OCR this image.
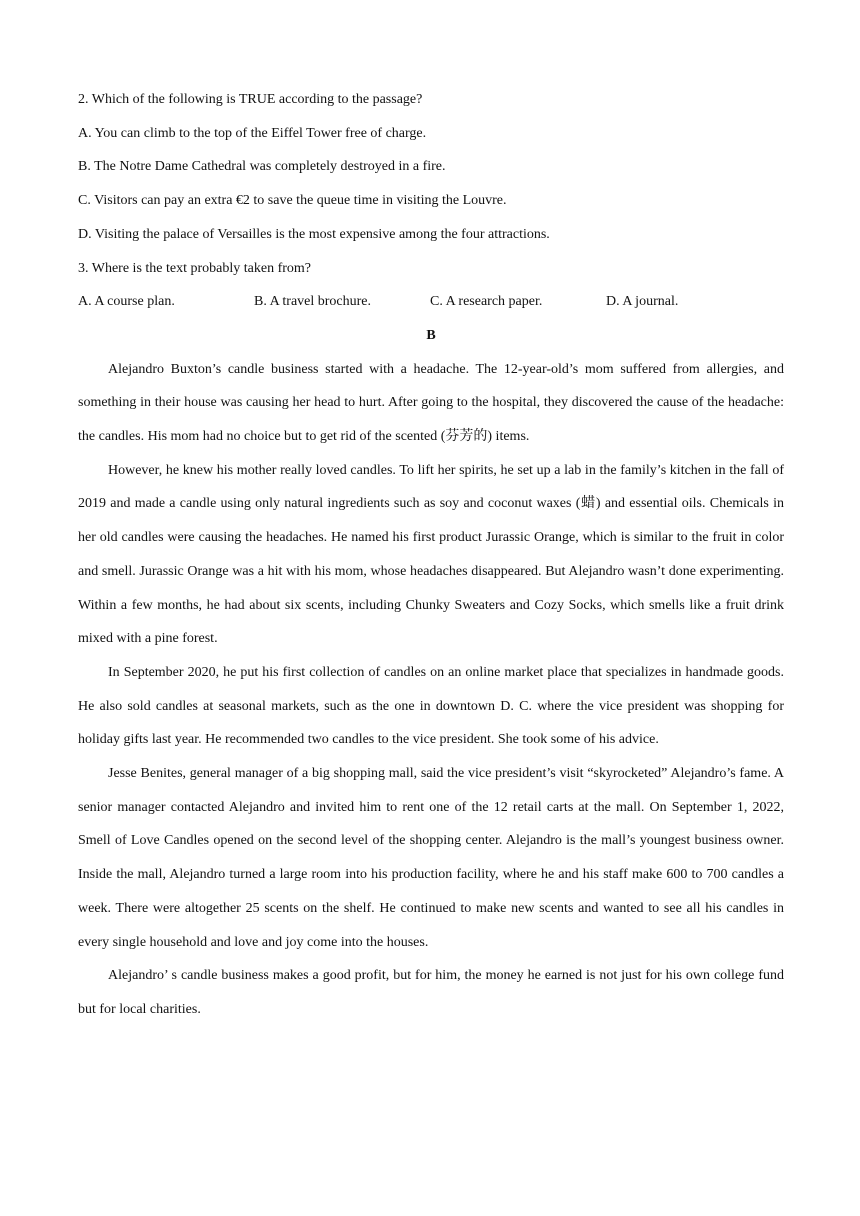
2. Which of the following is TRUE according to the passage?

A. You can climb to the top of the Eiffel Tower free of charge.

B. The Notre Dame Cathedral was completely destroyed in a fire.

C. Visitors can pay an extra €2 to save the queue time in visiting the Louvre.

D. Visiting the palace of Versailles is the most expensive among the four attractions.

3. Where is the text probably taken from?

A. A course plan.	B. A travel brochure.	C. A research paper.	D. A journal.

B

Alejandro Buxton’s candle business started with a headache. The 12-year-old’s mom suffered from allergies, and something in their house was causing her head to hurt. After going to the hospital, they discovered the cause of the headache: the candles. His mom had no choice but to get rid of the scented (芬芳的) items.

However, he knew his mother really loved candles. To lift her spirits, he set up a lab in the family’s kitchen in the fall of 2019 and made a candle using only natural ingredients such as soy and coconut waxes (蜡) and essential oils. Chemicals in her old candles were causing the headaches. He named his first product Jurassic Orange, which is similar to the fruit in color and smell. Jurassic Orange was a hit with his mom, whose headaches disappeared. But Alejandro wasn’t done experimenting. Within a few months, he had about six scents, including Chunky Sweaters and Cozy Socks, which smells like a fruit drink mixed with a pine forest.

In September 2020, he put his first collection of candles on an online market place that specializes in handmade goods. He also sold candles at seasonal markets, such as the one in downtown D. C. where the vice president was shopping for holiday gifts last year. He recommended two candles to the vice president. She took some of his advice.

Jesse Benites, general manager of a big shopping mall, said the vice president’s visit “skyrocketed” Alejandro’s fame. A senior manager contacted Alejandro and invited him to rent one of the 12 retail carts at the mall. On September 1, 2022, Smell of Love Candles opened on the second level of the shopping center. Alejandro is the mall’s youngest business owner. Inside the mall, Alejandro turned a large room into his production facility, where he and his staff make 600 to 700 candles a week. There were altogether 25 scents on the shelf. He continued to make new scents and wanted to see all his candles in every single household and love and joy come into the houses.

Alejandro’ s candle business makes a good profit, but for him, the money he earned is not just for his own college fund but for local charities.
